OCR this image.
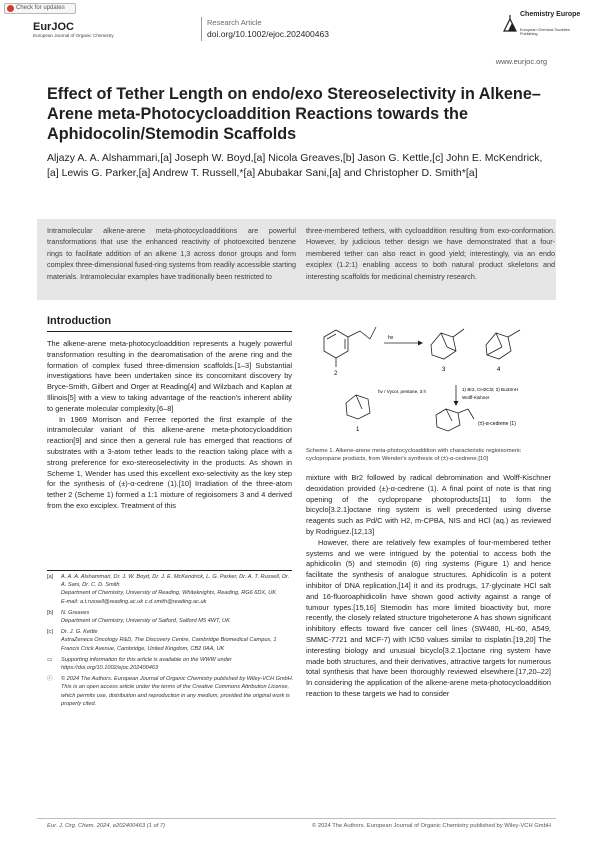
Check for updates
EurJOC
European Journal of Organic Chemistry
Research Article
doi.org/10.1002/ejoc.202400463
Chemistry Europe
European Chemical Societies Publishing
www.eurjoc.org
Effect of Tether Length on endo/exo Stereoselectivity in Alkene–Arene meta-Photocycloaddition Reactions towards the Aphidocolin/Stemodin Scaffolds

Aljazy A. A. Alshammari,[a] Joseph W. Boyd,[a] Nicola Greaves,[b] Jason G. Kettle,[c] John E. McKendrick,[a] Lewis G. Parker,[a] Andrew T. Russell,*[a] Abubakar Sani,[a] and Christopher D. Smith*[a]

Intramolecular alkene-arene meta-photocycloadditions are powerful transformations that use the enhanced reactivity of photoexcited benzene rings to facilitate addition of an alkene 1,3 across donor groups and form complex three-dimensional fused-ring systems from readily accessible starting materials. Intramolecular examples have traditionally been restricted to

three-membered tethers, with cycloaddition resulting from exo-conformation. However, by judicious tether design we have demonstrated that a four-membered tether can also react in good yield; interestingly, via an endo exciplex (1.2:1) enabling access to both natural product skeletons and interesting scaffolds for medicinal chemistry research.

Introduction

The alkene-arene meta-photocycloaddition represents a hugely powerful transformation resulting in the dearomatisation of the arene ring and the formation of complex fused three-dimension scaffolds.[1–3] Substantial investigations have been undertaken since its concomitant discovery by Bryce-Smith, Gilbert and Orger at Reading[4] and Wilzbach and Kaplan at Illinois[5] with a view to taking advantage of the reaction's inherent ability to generate molecular complexity.[6–8]

In 1969 Morrison and Ferree reported the first example of the intramolecular variant of this alkene-arene meta-photocycloaddition reaction[9] and since then a general rule has emerged that reactions of substrates with a 3-atom tether leads to the reaction taking place with a strong preference for exo-stereoselectivity in the products. As shown in Scheme 1, Wender has used this excellent exo-selectivity as the key step for the synthesis of (±)-α-cedrene (1).[10] Irradiation of the three-atom tether 2 (Scheme 1) formed a 1:1 mixture of regioisomers 3 and 4 derived from the exo exciplex. Treatment of this

2
hν
3	4
1) Br2, CH2Cl2; 2) Bu3SnH
Wolff-Kishner
(±)-α-cedrene (1)
1
hν / Vycor, pentane, 3 h

Scheme 1. Alkene-arene meta-photocycloaddition with characteristic regioisomeric cyclopropane products, from Wender's synthesis of (±)-α-cedrene.[10]

mixture with Br2 followed by radical debromination and Wolff-Kischner deoxidation provided (±)-α-cedrene (1). A final point of note is that ring opening of the cyclopropane photoproducts[11] to form the bicyclo[3.2.1]octane ring system is well precedented using diverse reagents such as Pd/C with H2, m-CPBA, NIS and HCl (aq.) as reviewed by Rodriguez.[12,13]

However, there are relatively few examples of four-membered tether systems and we were intrigued by the potential to access both the aphidicolin (5) and stemodin (6) ring systems (Figure 1) and hence facilitate the synthesis of analogue structures. Aphidicolin is a potent inhibitor of DNA replication,[14] it and its prodrugs, 17-glycinate HCl salt and 16-fluoroaphidicolin have shown good activity against a range of tumour types.[15,16] Stemodin has more limited bioactivity but, more recently, the closely related structure trigoheterone A has shown significant inhibitory effects toward five cancer cell lines (SW480, HL-60, A549, SMMC-7721 and MCF-7) with IC50 values similar to cisplatin.[19,20] The interesting biology and unusual bicyclo[3.2.1]octane ring system have made both structures, and their derivatives, attractive targets for numerous total synthesis that have been thoroughly reviewed elsewhere.[17,20–22] In considering the application of the alkene-arene meta-photocycloaddition reaction to these targets we had to consider

[a]	A. A. A. Alshammari, Dr. J. W. Boyd, Dr. J. E. McKendrick, L. G. Parker, Dr. A. T. Russell, Dr. A. Sani, Dr. C. D. Smith
Department of Chemistry, University of Reading, Whiteknights, Reading, RG6 6DX, UK
E-mail: a.t.russell@reading.ac.uk c.d.smith@reading.ac.uk
[b]	N. Greaves
Department of Chemistry, University of Salford, Salford M5 4WT, UK
[c]	Dr. J. G. Kettle
AstraZeneca Oncology R&D, The Discovery Centre, Cambridge Biomedical Campus, 1 Francis Crick Avenue, Cambridge, United Kingdom, CB2 0AA, UK
▭	Supporting information for this article is available on the WWW under https://doi.org/10.1002/ejoc.202400463
ⓒ	© 2024 The Authors. European Journal of Organic Chemistry published by Wiley-VCH GmbH. This is an open access article under the terms of the Creative Commons Attribution License, which permits use, distribution and reproduction in any medium, provided the original work is properly cited.
Eur. J. Org. Chem. 2024, e202400463 (1 of 7)	© 2024 The Authors. European Journal of Organic Chemistry published by Wiley-VCH GmbH
